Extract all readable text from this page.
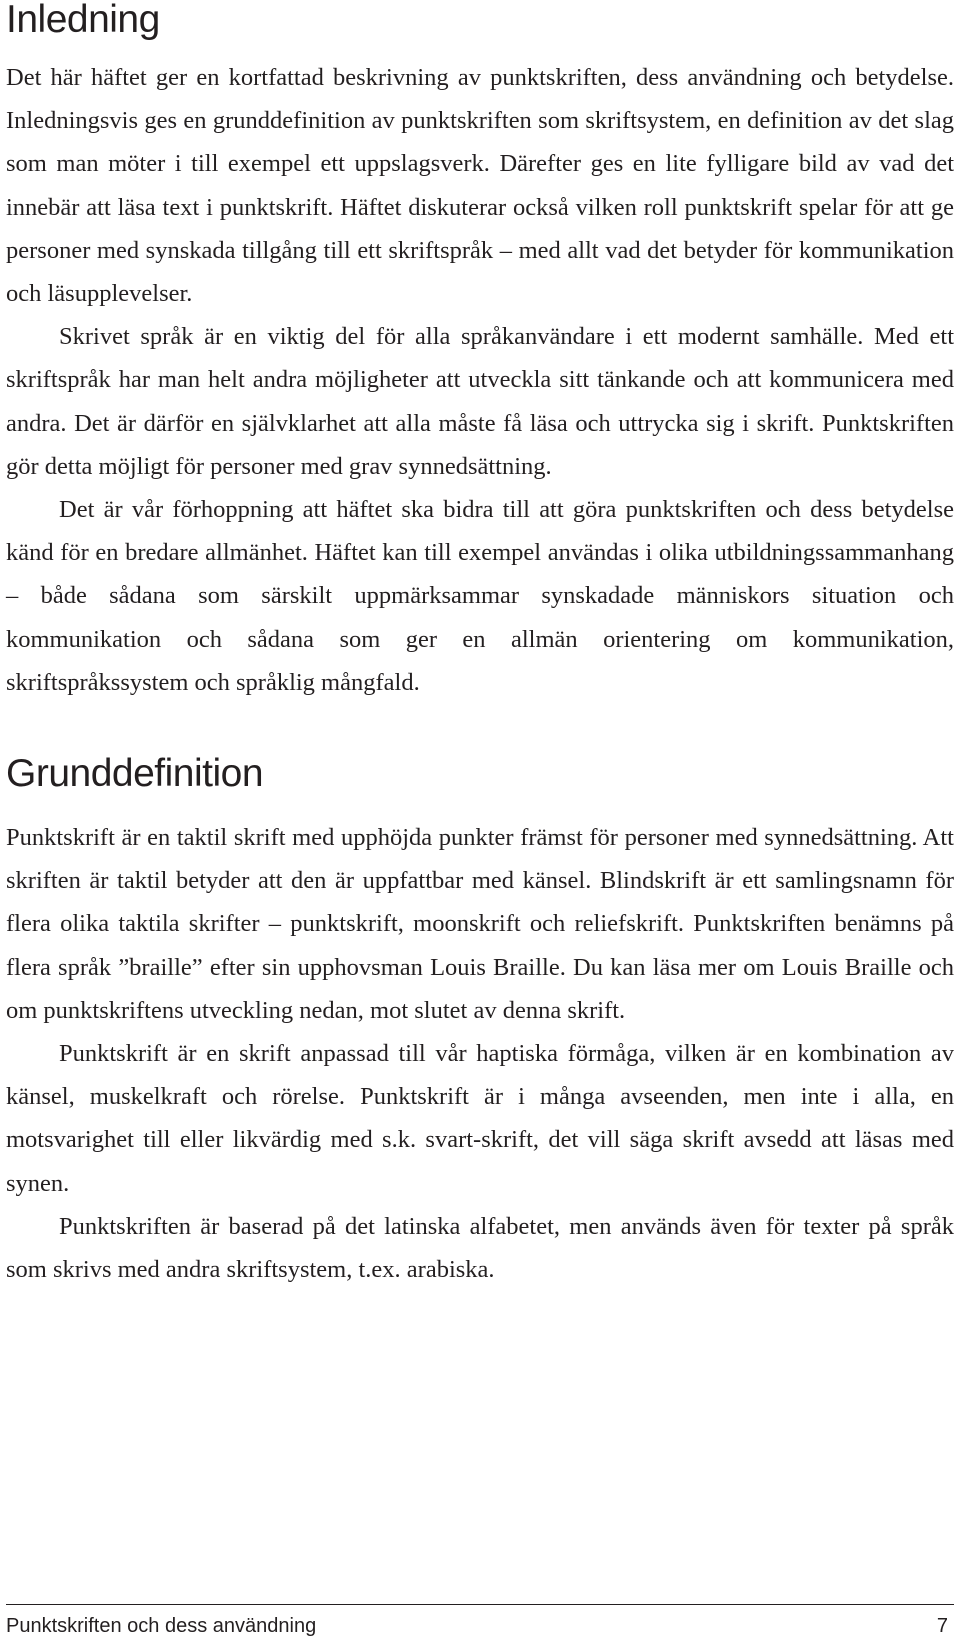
Inledning

Det här häftet ger en kortfattad beskrivning av punktskriften, dess användning och betydelse. Inledningsvis ges en grunddefinition av punktskriften som skriftsystem, en definition av det slag som man möter i till exempel ett uppslagsverk. Därefter ges en lite fylligare bild av vad det innebär att läsa text i punktskrift. Häftet diskuterar också vilken roll punktskrift spelar för att ge personer med synskada tillgång till ett skriftspråk – med allt vad det betyder för kommunikation och läsupplevelser.

Skrivet språk är en viktig del för alla språkanvändare i ett modernt samhälle. Med ett skriftspråk har man helt andra möjligheter att utveckla sitt tänkande och att kommunicera med andra. Det är därför en självklarhet att alla måste få läsa och uttrycka sig i skrift. Punktskriften gör detta möjligt för personer med grav synnedsättning.

Det är vår förhoppning att häftet ska bidra till att göra punktskriften och dess betydelse känd för en bredare allmänhet. Häftet kan till exempel användas i olika utbildningssammanhang – både sådana som särskilt uppmärksammar synskadade människors situation och kommunikation och sådana som ger en allmän orientering om kommunikation, skriftspråkssystem och språklig mångfald.

Grunddefinition

Punktskrift är en taktil skrift med upphöjda punkter främst för personer med synnedsättning. Att skriften är taktil betyder att den är uppfattbar med känsel. Blindskrift är ett samlingsnamn för flera olika taktila skrifter – punktskrift, moonskrift och reliefskrift. Punktskriften benämns på flera språk ”braille” efter sin upphovsman Louis Braille. Du kan läsa mer om Louis Braille och om punktskriftens utveckling nedan, mot slutet av denna skrift.

Punktskrift är en skrift anpassad till vår haptiska förmåga, vilken är en kombination av känsel, muskelkraft och rörelse. Punktskrift är i många avseenden, men inte i alla, en motsvarighet till eller likvärdig med s.k. svart-skrift, det vill säga skrift avsedd att läsas med synen.

Punktskriften är baserad på det latinska alfabetet, men används även för texter på språk som skrivs med andra skriftsystem, t.ex. arabiska.

Punktskriften och dess användning	7
